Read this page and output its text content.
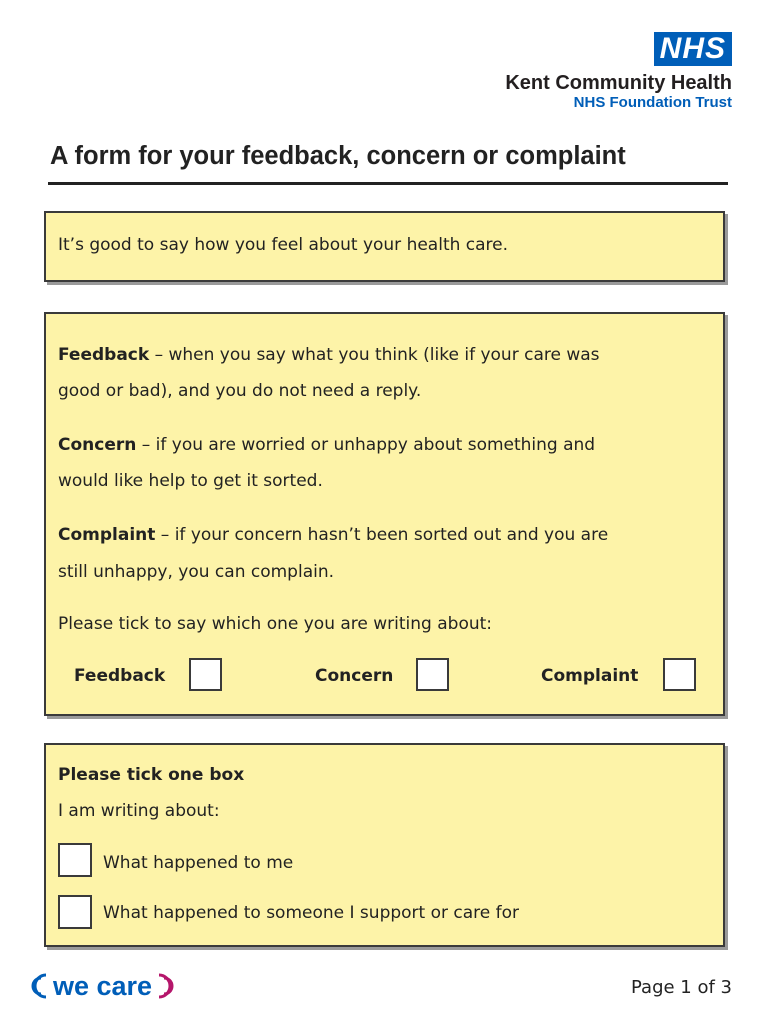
NHS
Kent Community Health
NHS Foundation Trust
A form for your feedback, concern or complaint
It’s good to say how you feel about your health care.
Feedback – when you say what you think (like if your care was
good or bad), and you do not need a reply.
Concern – if you are worried or unhappy about something and
would like help to get it sorted.
Complaint – if your concern hasn’t been sorted out and you are
still unhappy, you can complain.
Please tick to say which one you are writing about:
Feedback	Concern	Complaint
Please tick one box
I am writing about:
What happened to me
What happened to someone I support or care for
we care	Page 1 of 3
